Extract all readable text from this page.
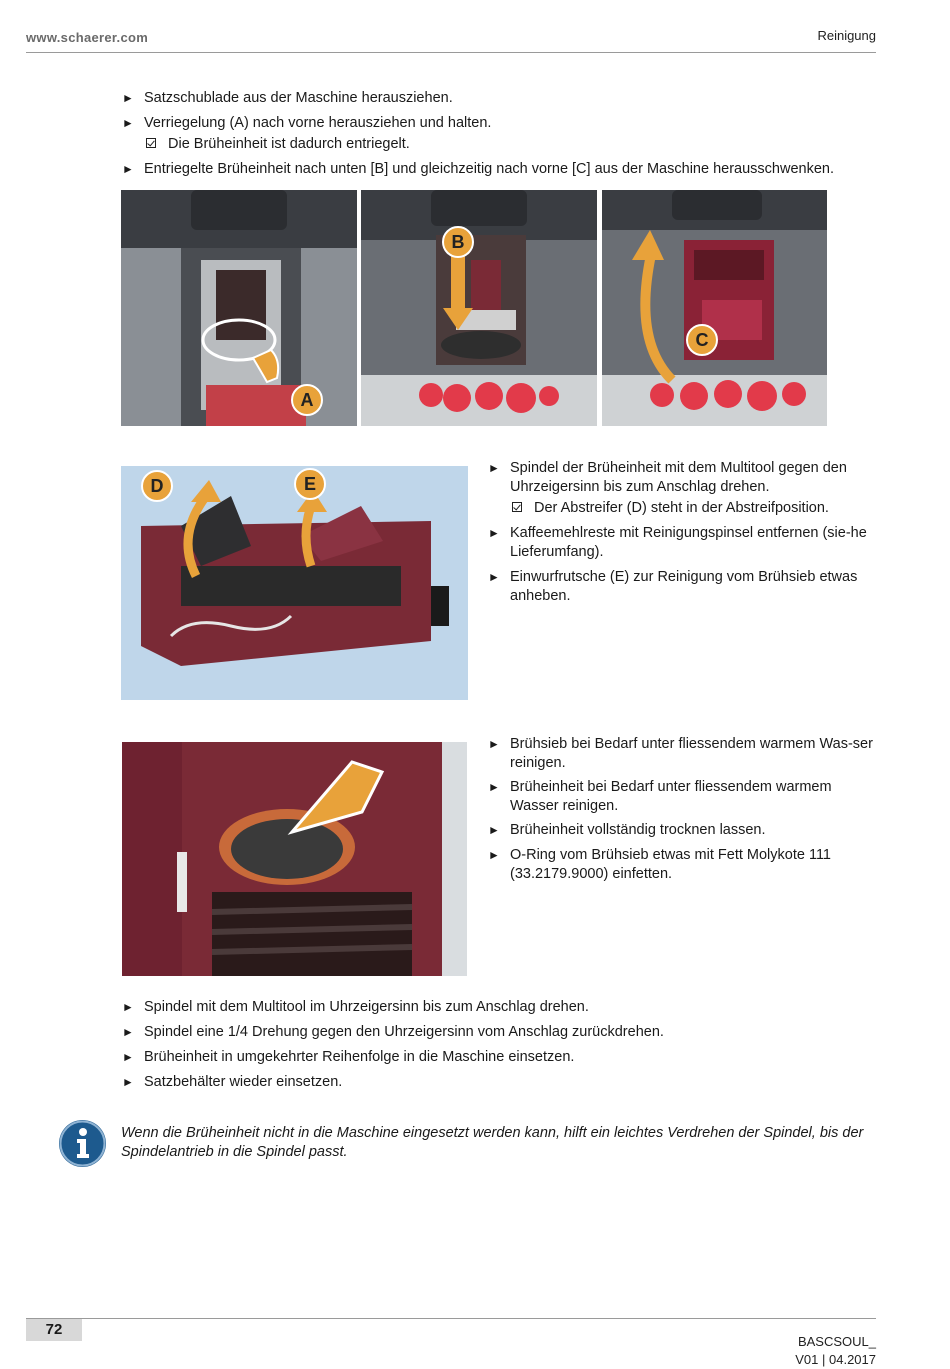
www.schaerer.com	Reinigung
► Satzschublade aus der Maschine herausziehen.
► Verriegelung (A) nach vorne herausziehen und halten.
Die Brüheinheit ist dadurch entriegelt.
► Entriegelte Brüheinheit nach unten [B] und gleichzeitig nach vorne [C] aus der Maschine herausschwenken.
A
B
C
D	E
► Spindel der Brüheinheit mit dem Multitool gegen den Uhrzeigersinn bis zum Anschlag drehen.
Der Abstreifer (D) steht in der Abstreifposition.
► Kaffeemehlreste mit Reinigungspinsel entfernen (sie-he Lieferumfang).
► Einwurfrutsche (E) zur Reinigung vom Brühsieb etwas anheben.
► Brühsieb bei Bedarf unter fliessendem warmem Was-ser reinigen.
► Brüheinheit bei Bedarf unter fliessendem warmem Wasser reinigen.
► Brüheinheit vollständig trocknen lassen.
► O-Ring vom Brühsieb etwas mit Fett Molykote 111 (33.2179.9000) einfetten.
► Spindel mit dem Multitool im Uhrzeigersinn bis zum Anschlag drehen.
► Spindel eine 1/4 Drehung gegen den Uhrzeigersinn vom Anschlag zurückdrehen.
► Brüheinheit in umgekehrter Reihenfolge in die Maschine einsetzen.
► Satzbehälter wieder einsetzen.
Wenn die Brüheinheit nicht in die Maschine eingesetzt werden kann, hilft ein leichtes Verdrehen der Spindel, bis der Spindelantrieb in die Spindel passt.
72
BASCSOUL_
V01 | 04.2017
